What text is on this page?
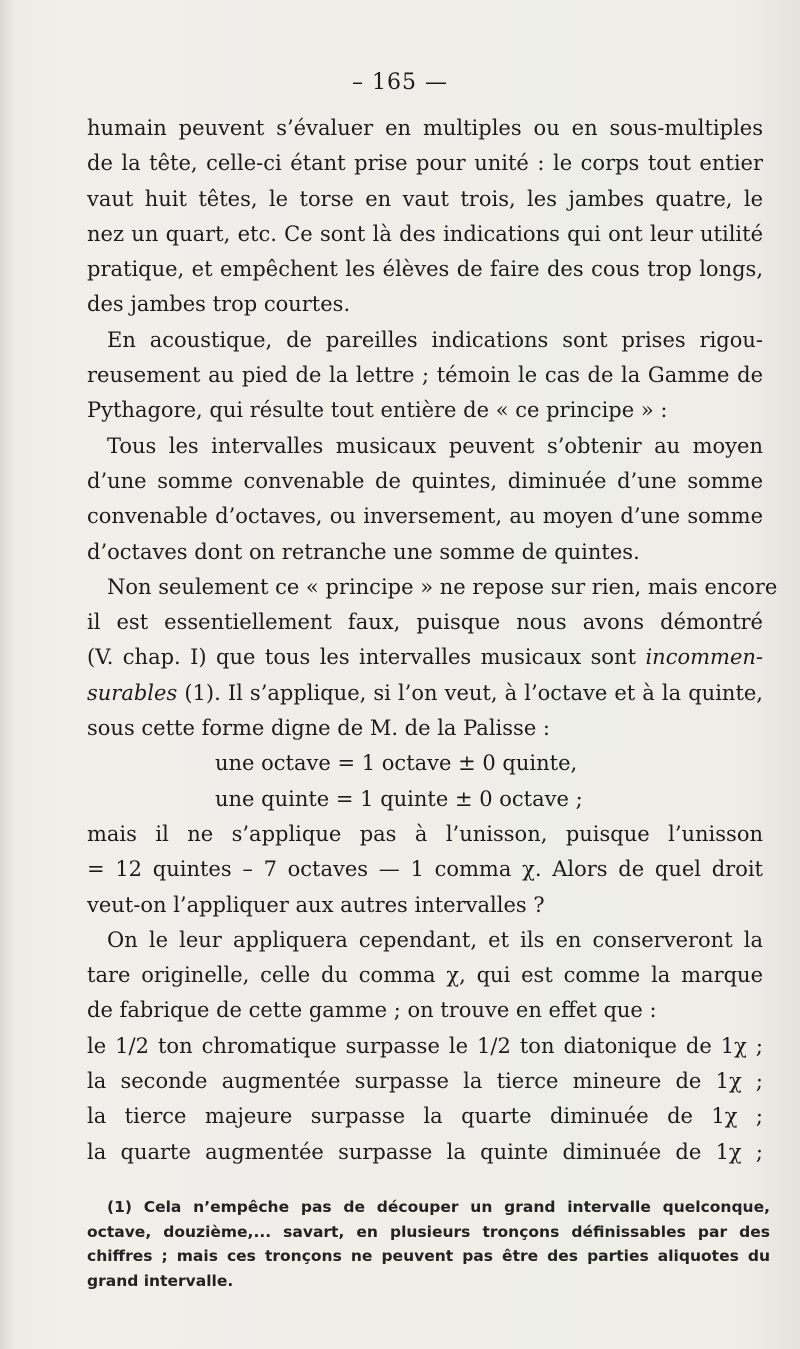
– 165 —
humain peuvent s’évaluer en multiples ou en sous-multiples
de la tête, celle-ci étant prise pour unité : le corps tout entier
vaut huit têtes, le torse en vaut trois, les jambes quatre, le
nez un quart, etc. Ce sont là des indications qui ont leur utilité
pratique, et empêchent les élèves de faire des cous trop longs,
des jambes trop courtes.
En acoustique, de pareilles indications sont prises rigou-
reusement au pied de la lettre ; témoin le cas de la Gamme de
Pythagore, qui résulte tout entière de « ce principe » :
Tous les intervalles musicaux peuvent s’obtenir au moyen
d’une somme convenable de quintes, diminuée d’une somme
convenable d’octaves, ou inversement, au moyen d’une somme
d’octaves dont on retranche une somme de quintes.
Non seulement ce « principe » ne repose sur rien, mais encore
il est essentiellement faux, puisque nous avons démontré
(V. chap. I) que tous les intervalles musicaux sont incommen-
surables (1). Il s’applique, si l’on veut, à l’octave et à la quinte,
sous cette forme digne de M. de la Palisse :
une octave = 1 octave ± 0 quinte,
une quinte = 1 quinte ± 0 octave ;
mais il ne s’applique pas à l’unisson, puisque l’unisson
= 12 quintes – 7 octaves — 1 comma χ. Alors de quel droit
veut-on l’appliquer aux autres intervalles ?
On le leur appliquera cependant, et ils en conserveront la
tare originelle, celle du comma χ, qui est comme la marque
de fabrique de cette gamme ; on trouve en effet que :
le 1/2 ton chromatique surpasse le 1/2 ton diatonique de 1χ ;
la seconde augmentée surpasse la tierce mineure de 1χ ;
la tierce majeure surpasse la quarte diminuée de 1χ ;
la quarte augmentée surpasse la quinte diminuée de 1χ ;
(1) Cela n’empêche pas de découper un grand intervalle quelconque,
octave, douzième,... savart, en plusieurs tronçons définissables par des
chiffres ; mais ces tronçons ne peuvent pas être des parties aliquotes du
grand intervalle.
